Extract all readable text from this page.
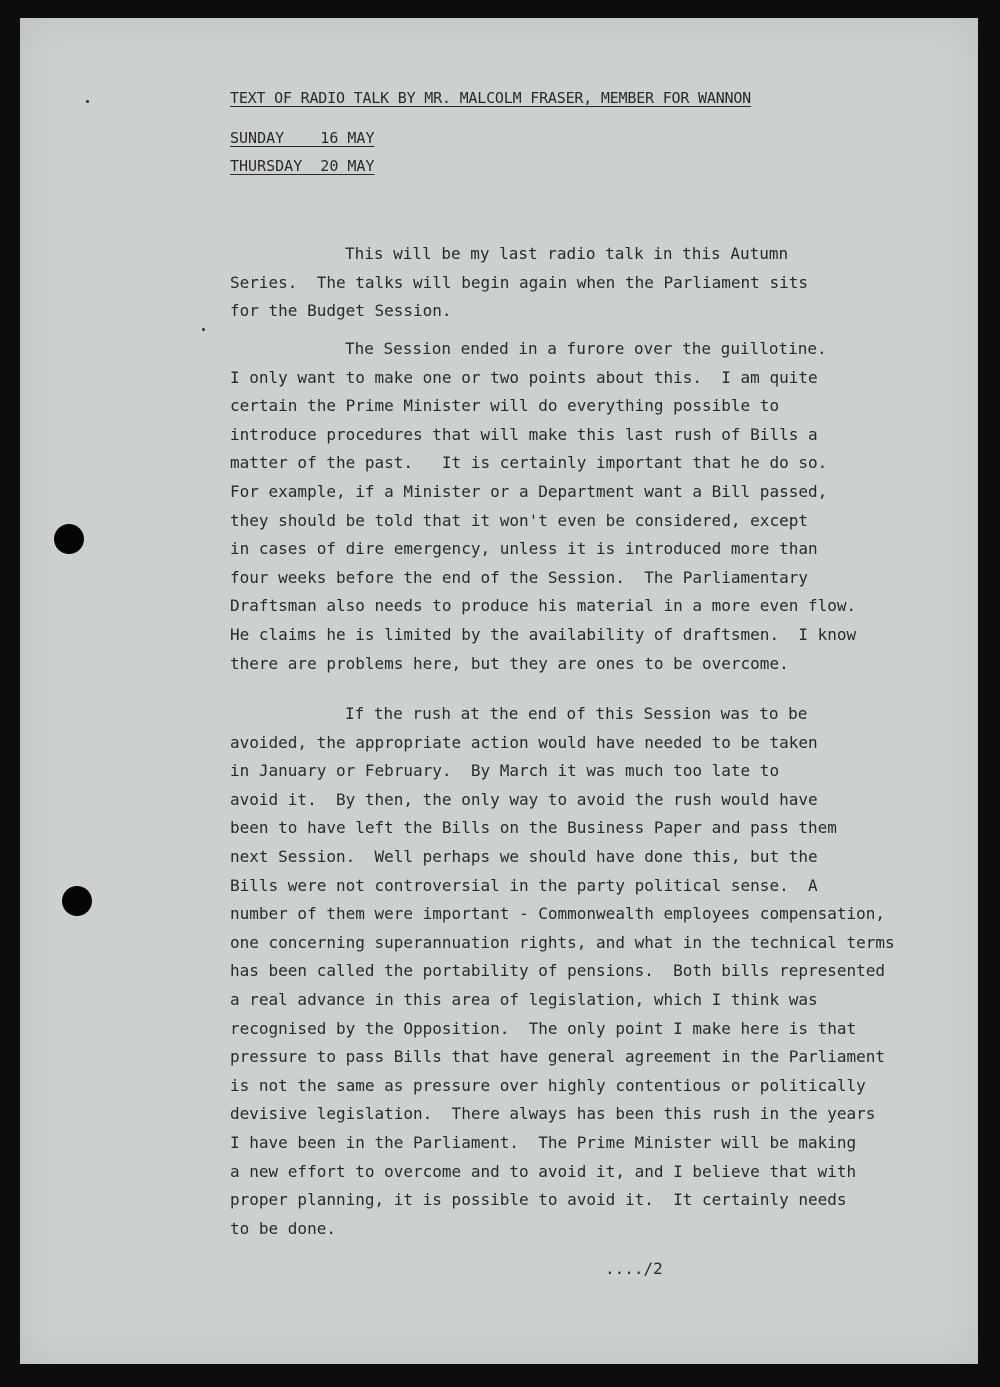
TEXT OF RADIO TALK BY MR. MALCOLM FRASER, MEMBER FOR WANNON

SUNDAY    16 MAY

THURSDAY  20 MAY

This will be my last radio talk in this Autumn
Series.  The talks will begin again when the Parliament sits
for the Budget Session.
The Session ended in a furore over the guillotine.
I only want to make one or two points about this.  I am quite
certain the Prime Minister will do everything possible to
introduce procedures that will make this last rush of Bills a
matter of the past.   It is certainly important that he do so.
For example, if a Minister or a Department want a Bill passed,
they should be told that it won't even be considered, except
in cases of dire emergency, unless it is introduced more than
four weeks before the end of the Session.  The Parliamentary
Draftsman also needs to produce his material in a more even flow.
He claims he is limited by the availability of draftsmen.  I know
there are problems here, but they are ones to be overcome.
If the rush at the end of this Session was to be
avoided, the appropriate action would have needed to be taken
in January or February.  By March it was much too late to
avoid it.  By then, the only way to avoid the rush would have
been to have left the Bills on the Business Paper and pass them
next Session.  Well perhaps we should have done this, but the
Bills were not controversial in the party political sense.  A
number of them were important - Commonwealth employees compensation,
one concerning superannuation rights, and what in the technical terms
has been called the portability of pensions.  Both bills represented
a real advance in this area of legislation, which I think was
recognised by the Opposition.  The only point I make here is that
pressure to pass Bills that have general agreement in the Parliament
is not the same as pressure over highly contentious or politically
devisive legislation.  There always has been this rush in the years
I have been in the Parliament.  The Prime Minister will be making
a new effort to overcome and to avoid it, and I believe that with
proper planning, it is possible to avoid it.  It certainly needs
to be done.

..../2
